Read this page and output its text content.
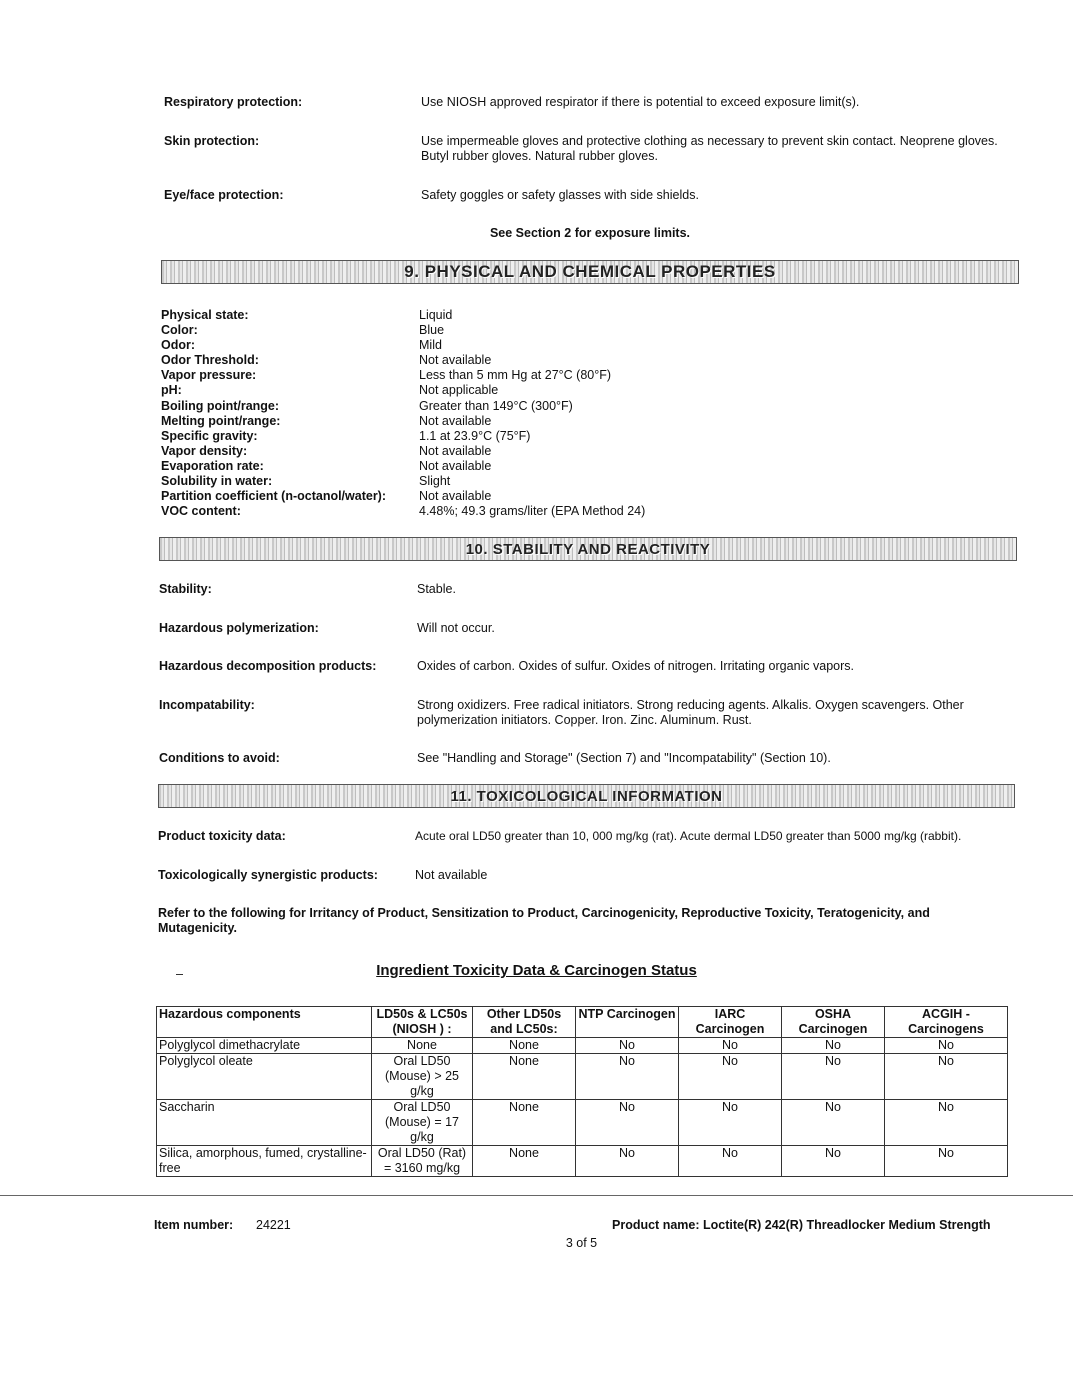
Respiratory protection:	Use NIOSH approved respirator if there is potential to exceed exposure limit(s).
Skin protection:	Use impermeable gloves and protective clothing as necessary to prevent skin contact. Neoprene gloves. Butyl rubber gloves. Natural rubber gloves.
Eye/face protection:	Safety goggles or safety glasses with side shields.
See Section 2 for exposure limits.
9. PHYSICAL AND CHEMICAL PROPERTIES
Physical state:	Liquid
Color:	Blue
Odor:	Mild
Odor Threshold:	Not available
Vapor pressure:	Less than 5 mm Hg at 27°C (80°F)
pH:	Not applicable
Boiling point/range:	Greater than 149°C (300°F)
Melting point/range:	Not available
Specific gravity:	1.1 at 23.9°C (75°F)
Vapor density:	Not available
Evaporation rate:	Not available
Solubility in water:	Slight
Partition coefficient (n-octanol/water):	Not available
VOC content:	4.48%; 49.3 grams/liter (EPA Method 24)
10. STABILITY AND REACTIVITY
Stability:	Stable.
Hazardous polymerization:	Will not occur.
Hazardous decomposition products:	Oxides of carbon. Oxides of sulfur. Oxides of nitrogen. Irritating organic vapors.
Incompatability:	Strong oxidizers. Free radical initiators. Strong reducing agents. Alkalis. Oxygen scavengers. Other polymerization initiators. Copper. Iron. Zinc. Aluminum. Rust.
Conditions to avoid:	See "Handling and Storage" (Section 7) and "Incompatability" (Section 10).
11. TOXICOLOGICAL INFORMATION
Product toxicity data:	Acute oral LD50 greater than 10, 000 mg/kg (rat). Acute dermal LD50 greater than 5000 mg/kg (rabbit).
Toxicologically synergistic products:	Not available
Refer to the following for Irritancy of Product, Sensitization to Product, Carcinogenicity, Reproductive Toxicity, Teratogenicity, and Mutagenicity.
Ingredient Toxicity Data & Carcinogen Status
Hazardous components	LD50s & LC50s (NIOSH ) :	Other LD50s and LC50s:	NTP Carcinogen	IARC Carcinogen	OSHA Carcinogen	ACGIH - Carcinogens
Polyglycol dimethacrylate	None	None	No	No	No	No
Polyglycol oleate	Oral LD50 (Mouse) > 25 g/kg	None	No	No	No	No
Saccharin	Oral LD50 (Mouse) = 17 g/kg	None	No	No	No	No
Silica, amorphous, fumed, crystalline-free	Oral LD50 (Rat) = 3160 mg/kg	None	No	No	No	No
Item number: 24221	Product name: Loctite(R) 242(R) Threadlocker Medium Strength
3 of 5
